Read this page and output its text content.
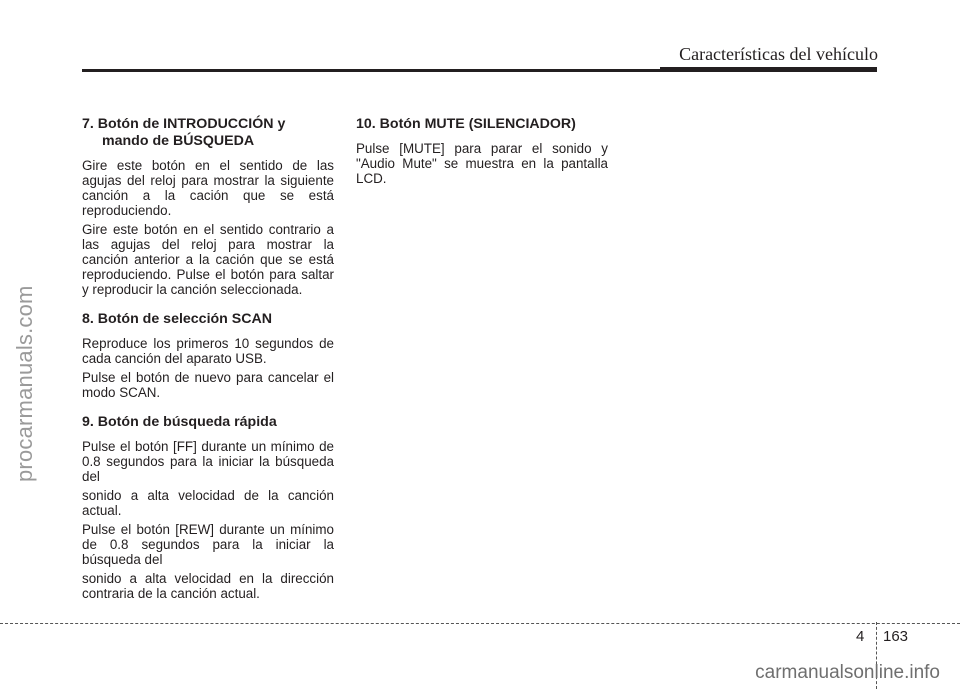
Características del vehículo
procarmanuals.com
7. Botón de INTRODUCCIÓN y mando de BÚSQUEDA

Gire este botón en el sentido de las agujas del reloj para mostrar la siguiente canción a la cación que se está reproduciendo.

Gire este botón en el sentido contrario a las agujas del reloj para mostrar la canción anterior a la cación que se está reproduciendo. Pulse el botón para saltar y reproducir la canción seleccionada.

8. Botón de selección SCAN

Reproduce los primeros 10 segundos de cada canción del aparato USB.

Pulse el botón de nuevo para cancelar el modo SCAN.

9. Botón de búsqueda rápida

Pulse el botón [FF] durante un mínimo de 0.8 segundos para la iniciar la búsqueda del

sonido a alta velocidad de la canción actual.

Pulse el botón [REW] durante un mínimo de 0.8 segundos para la iniciar la búsqueda del

sonido a alta velocidad en la dirección contraria de la canción actual.

10. Botón MUTE (SILENCIADOR)

Pulse [MUTE] para parar el sonido y "Audio Mute" se muestra en la pantalla LCD.

4 163
carmanualsonline.info
